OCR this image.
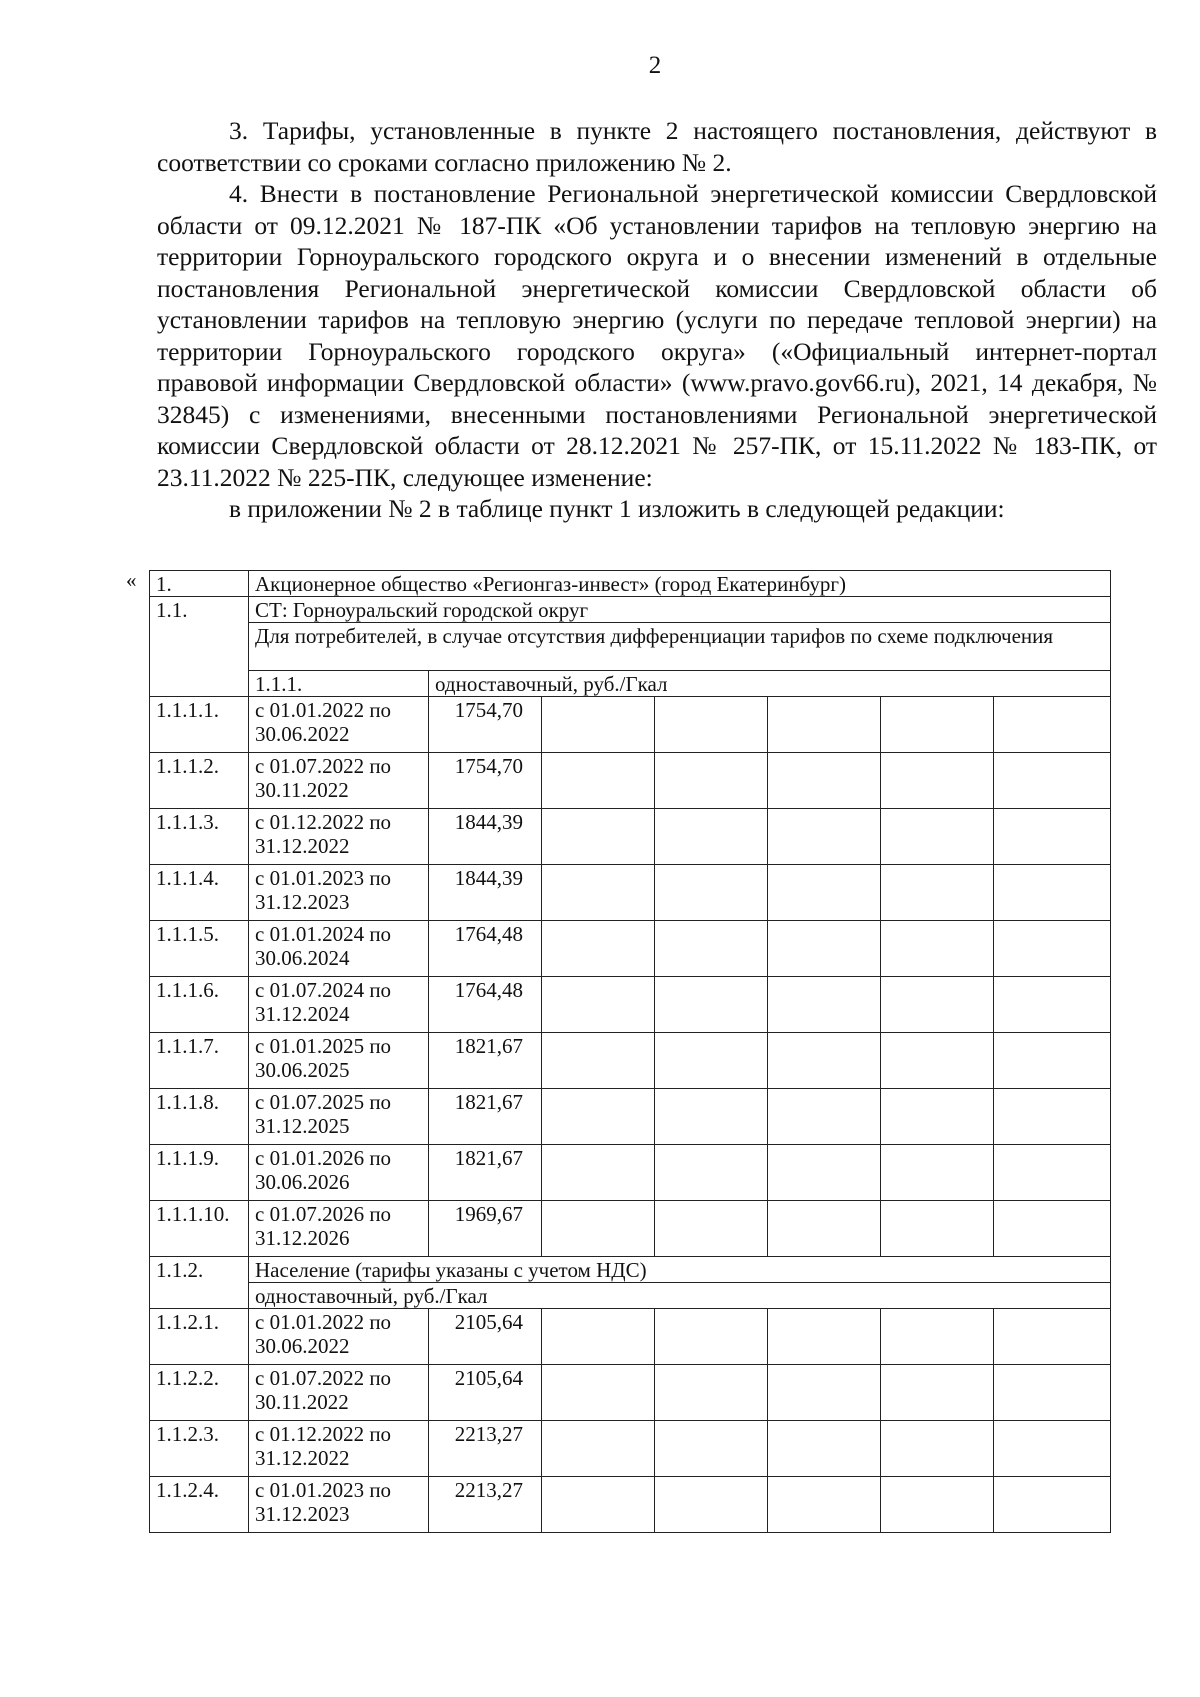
2

3. Тарифы, установленные в пункте 2 настоящего постановления, действуют в соответствии со сроками согласно приложению № 2.

4. Внести в постановление Региональной энергетической комиссии Свердловской области от 09.12.2021 № 187-ПК «Об установлении тарифов на тепловую энергию на территории Горноуральского городского округа и о внесении изменений в отдельные постановления Региональной энергетической комиссии Свердловской области об установлении тарифов на тепловую энергию (услуги по передаче тепловой энергии) на территории Горноуральского городского округа» («Официальный интернет-портал правовой информации Свердловской области» (www.pravo.gov66.ru), 2021, 14 декабря, № 32845) с изменениями, внесенными постановлениями Региональной энергетической комиссии Свердловской области от 28.12.2021 № 257-ПК, от 15.11.2022 № 183-ПК, от 23.11.2022 № 225-ПК, следующее изменение:

в приложении № 2 в таблице пункт 1 изложить в следующей редакции:

« 1.	Акционерное общество «Регионгаз-инвест» (город Екатеринбург)						
1.1.	СТ: Горноуральский городской округ						
	Для потребителей, в случае отсутствия дифференциации тарифов по схеме подключения						
	1.1.1.	одноставочный, руб./Гкал					
1.1.1.1.	с 01.01.2022 по 30.06.2022	1754,70					
1.1.1.2.	с 01.07.2022 по 30.11.2022	1754,70					
1.1.1.3.	с 01.12.2022 по 31.12.2022	1844,39					
1.1.1.4.	с 01.01.2023 по 31.12.2023	1844,39					
1.1.1.5.	с 01.01.2024 по 30.06.2024	1764,48					
1.1.1.6.	с 01.07.2024 по 31.12.2024	1764,48					
1.1.1.7.	с 01.01.2025 по 30.06.2025	1821,67					
1.1.1.8.	с 01.07.2025 по 31.12.2025	1821,67					
1.1.1.9.	с 01.01.2026 по 30.06.2026	1821,67					
1.1.1.10.	с 01.07.2026 по 31.12.2026	1969,67					
1.1.2.	Население (тарифы указаны с учетом НДС)						
	одноставочный, руб./Гкал						
1.1.2.1.	с 01.01.2022 по 30.06.2022	2105,64					
1.1.2.2.	с 01.07.2022 по 30.11.2022	2105,64					
1.1.2.3.	с 01.12.2022 по 31.12.2022	2213,27					
1.1.2.4.	с 01.01.2023 по 31.12.2023	2213,27					
